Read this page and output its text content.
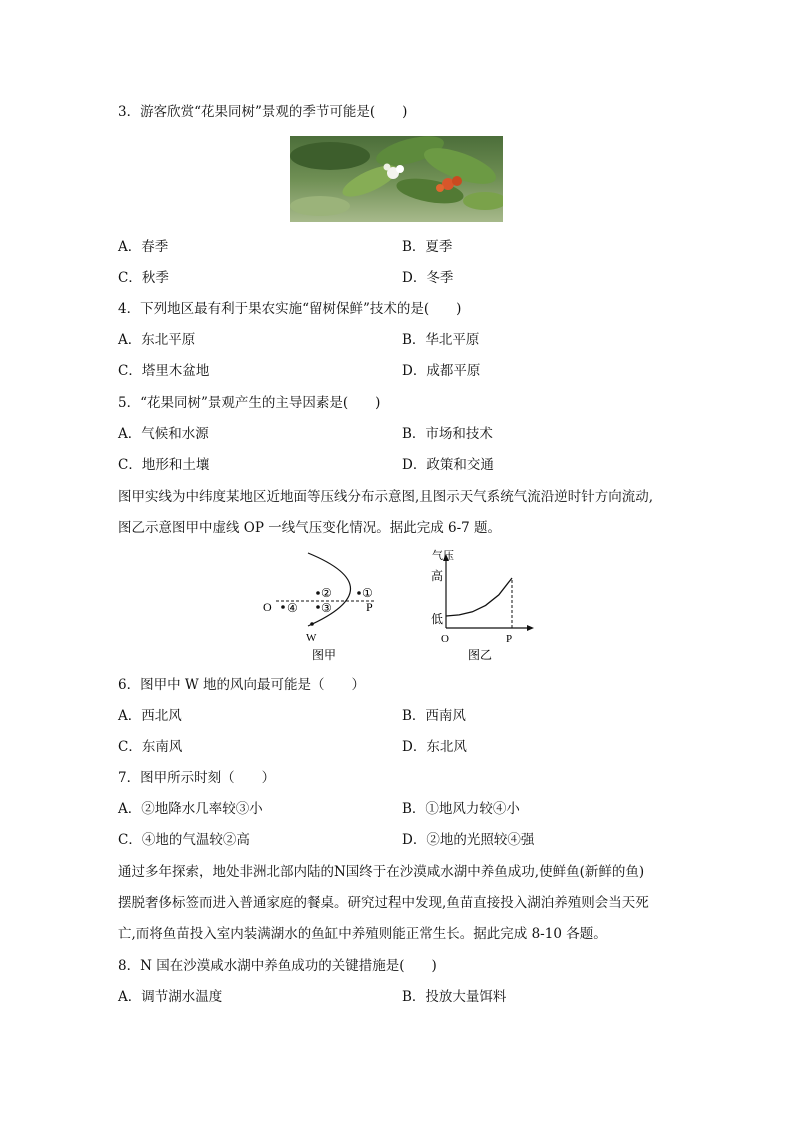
3．游客欣赏“花果同树”景观的季节可能是(　　)
A．春季	B．夏季
C．秋季	D．冬季
4．下列地区最有利于果农实施“留树保鲜”技术的是(　　)
A．东北平原	B．华北平原
C．塔里木盆地	D．成都平原
5．“花果同树”景观产生的主导因素是(　　)
A．气候和水源	B．市场和技术
C．地形和土壤	D．政策和交通
图甲实线为中纬度某地区近地面等压线分布示意图,且图示天气系统气流沿逆时针方向流动,
图乙示意图甲中虚线 OP 一线气压变化情况。据此完成 6-7 题。
O	P
④
②
③
①
W
图甲
气压
高
低
O	P
图乙
6．图甲中 W 地的风向最可能是（　　）
A．西北风	B．西南风
C．东南风	D．东北风
7．图甲所示时刻（　　）
A．②地降水几率较③小	B．①地风力较④小
C．④地的气温较②高	D．②地的光照较④强
通过多年探索，地处非洲北部内陆的N国终于在沙漠咸水湖中养鱼成功,使鲜鱼(新鲜的鱼)
摆脱奢侈标签而进入普通家庭的餐桌。研究过程中发现,鱼苗直接投入湖泊养殖则会当天死
亡,而将鱼苗投入室内装满湖水的鱼缸中养殖则能正常生长。据此完成 8-10 各题。
8．N 国在沙漠咸水湖中养鱼成功的关键措施是(　　)
A．调节湖水温度	B．投放大量饵料
